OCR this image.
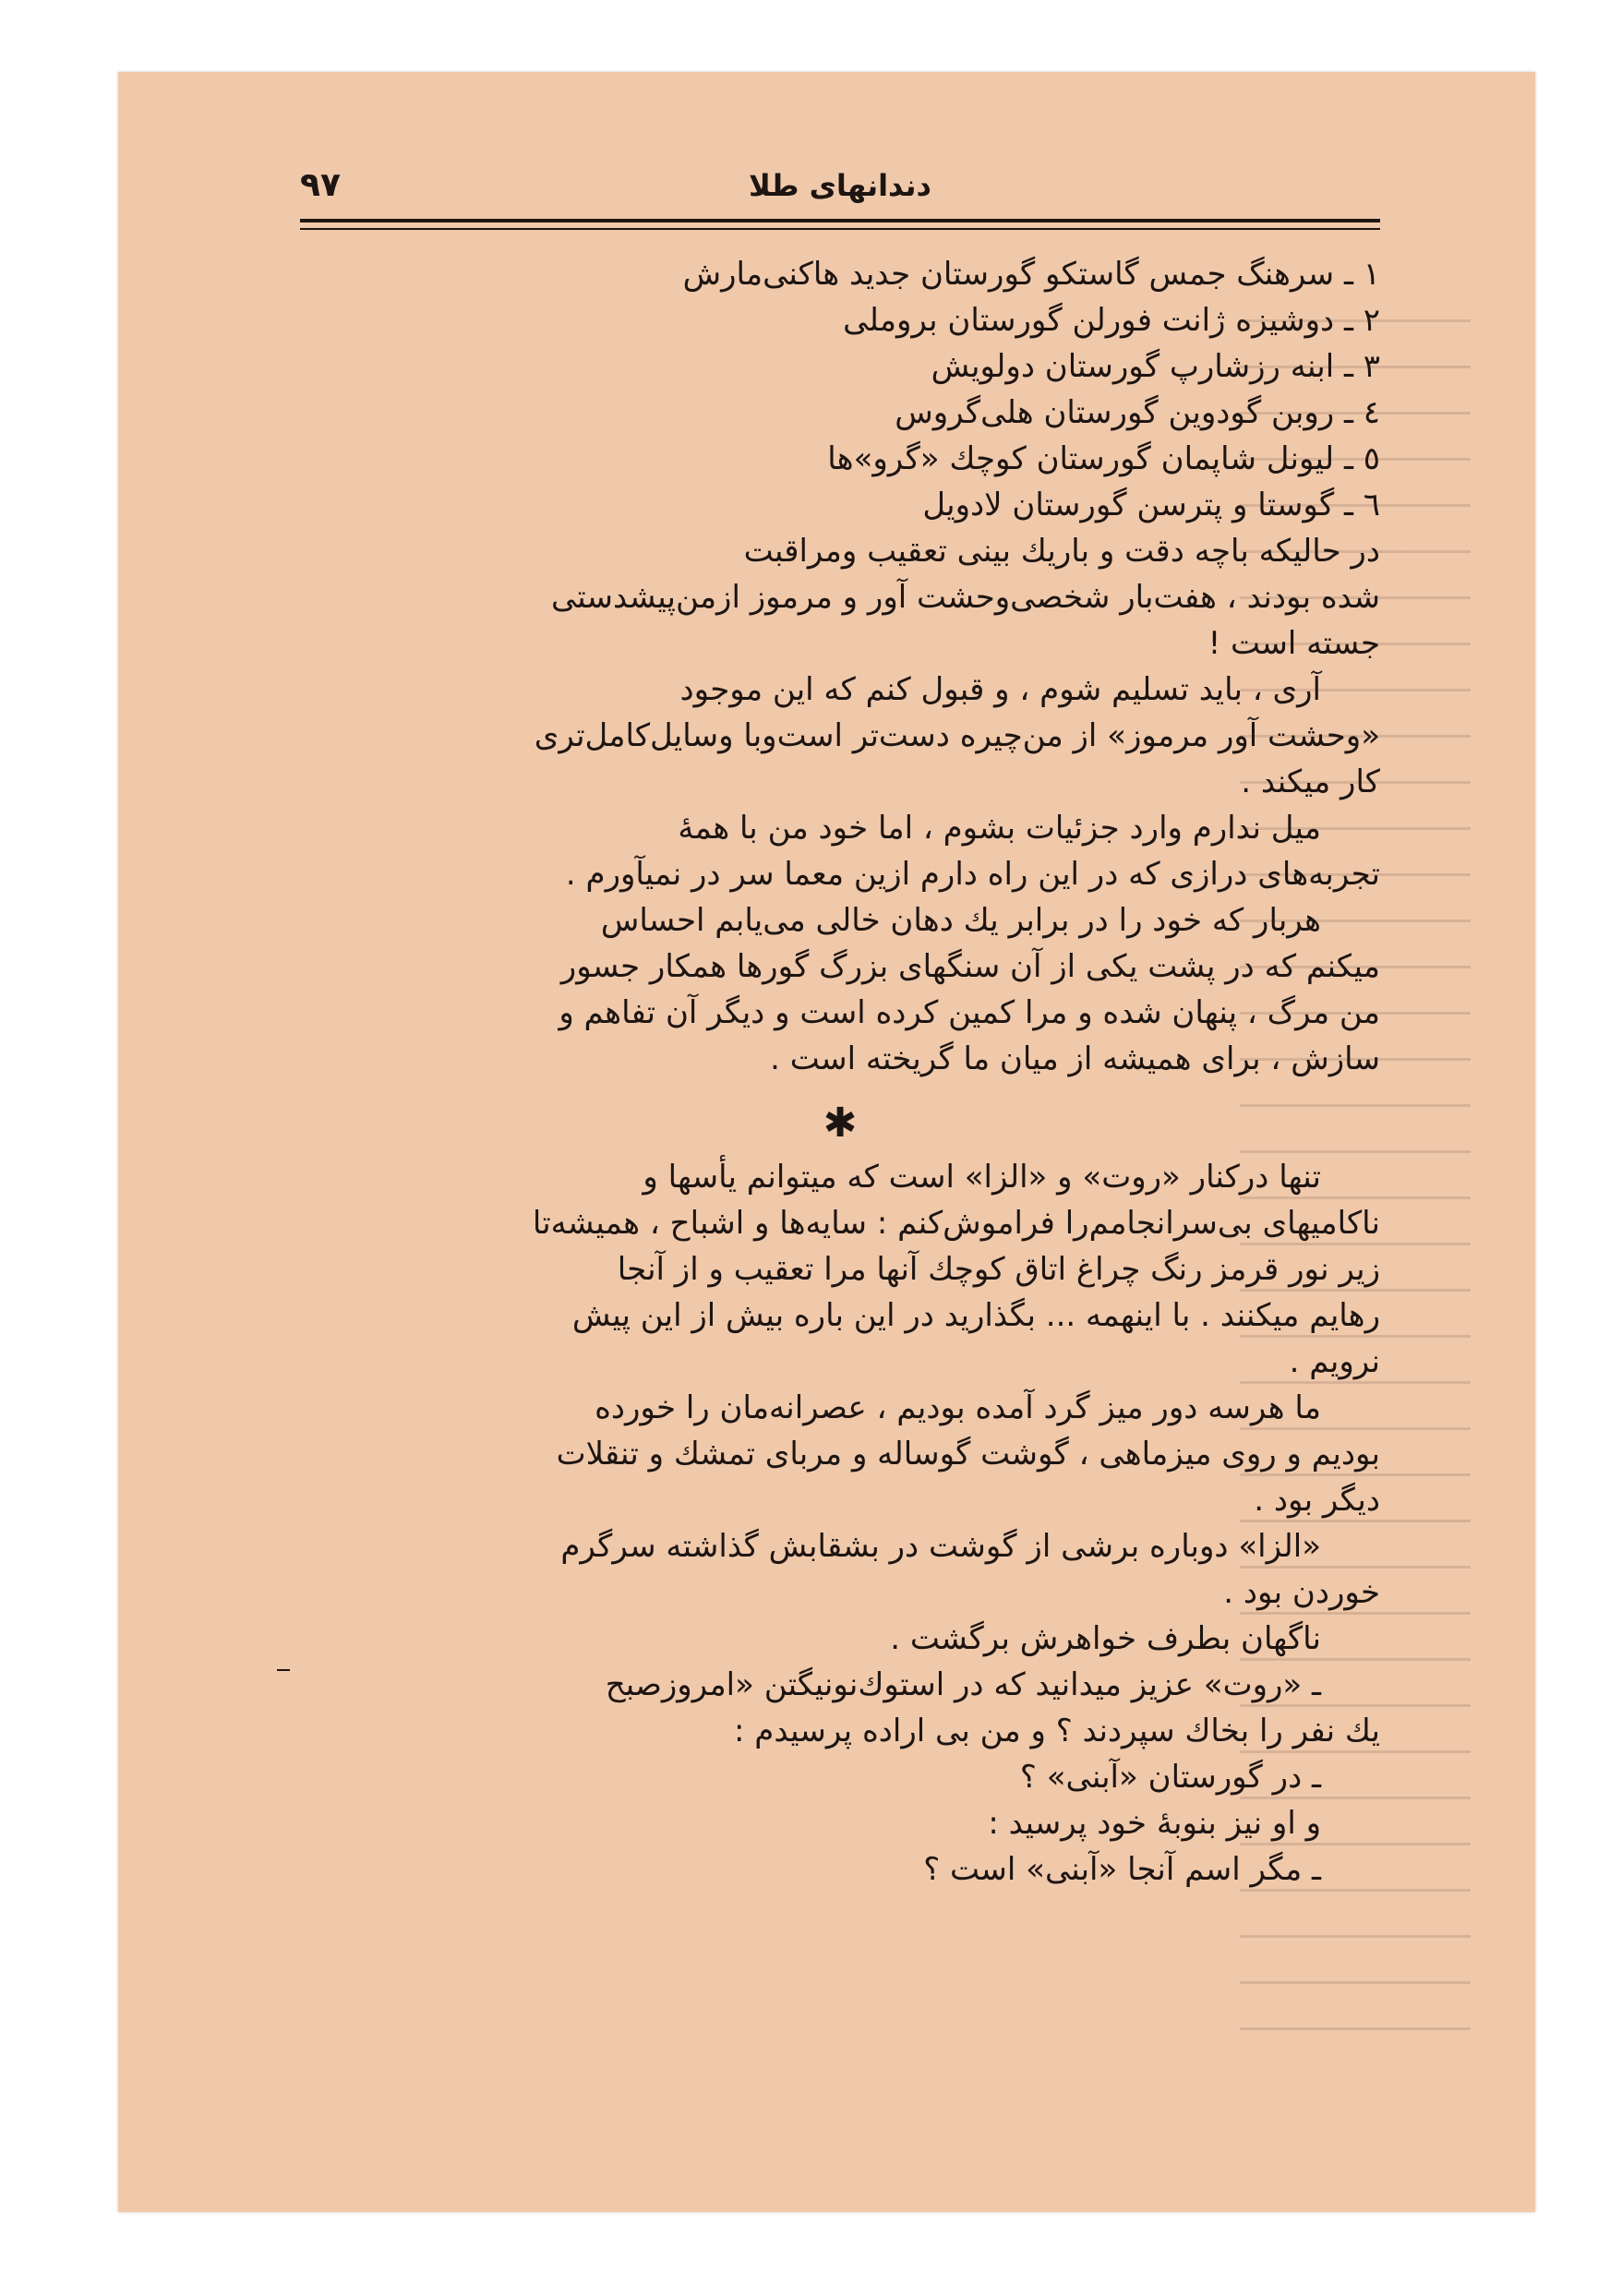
۹۷	دندانهای طلا
۱ ـ سرهنگ جمس گاستکو گورستان جدید هاکنی‌مارش
۲ ـ دوشیزه ژانت فورلن گورستان بروملی
۳ ـ ابنه رزشارپ گورستان دولویش
٤ ـ روبن گودوین گورستان هلی‌گروس
٥ ـ لیونل شاپمان گورستان کوچك «گرو»ها
٦ ـ گوستا و پترسن گورستان لادویل
در حالیکه باچه دقت و باریك بینی تعقیب ومراقبت
شده بودند ، هفت‌بار شخصی‌وحشت آور و مرموز ازمن‌پیشدستی
جسته است !
آری ، باید تسلیم شوم ، و قبول کنم که این موجود
«وحشت آور مرموز» از من‌چیره دست‌تر است‌وبا وسایل‌کامل‌تری
کار میکند .
میل ندارم وارد جزئیات بشوم ، اما خود من با همهٔ
تجربه‌های درازی که در این راه دارم ازین معما سر در نمیآورم .
هربار که خود را در برابر یك دهان خالی می‌یابم احساس
میکنم که در پشت یکی از آن سنگهای بزرگ گورها همکار جسور
من مرگ ، پنهان شده و مرا کمین کرده است و دیگر آن تفاهم و
سازش ، برای همیشه از میان ما گریخته است .
✱
تنها درکنار «روت» و «الزا» است که میتوانم یأسها و
ناکامیهای بی‌سرانجامم‌را فراموش‌کنم : سایه‌ها و اشباح ، همیشه‌تا
زیر نور قرمز رنگ چراغ اتاق کوچك آنها مرا تعقیب و از آنجا
رهایم میکنند . با اینهمه ... بگذارید در این باره بیش از این پیش
نرویم .
ما هرسه دور میز گرد آمده بودیم ، عصرانه‌مان را خورده
بودیم و روی میزماهی ، گوشت گوساله و مربای تمشك و تنقلات
دیگر بود .
«الزا» دوباره برشی از گوشت در بشقابش گذاشته سرگرم
خوردن بود .
ناگهان بطرف خواهرش برگشت .
ـ «روت» عزیز میدانید که در استوك‌نونیگتن «امروزصبح
یك نفر را بخاك سپردند ؟ و من بی اراده پرسیدم :
ـ در گورستان «آبنی» ؟
و او نیز بنوبهٔ خود پرسید :
ـ مگر اسم آنجا «آبنی» است ؟
